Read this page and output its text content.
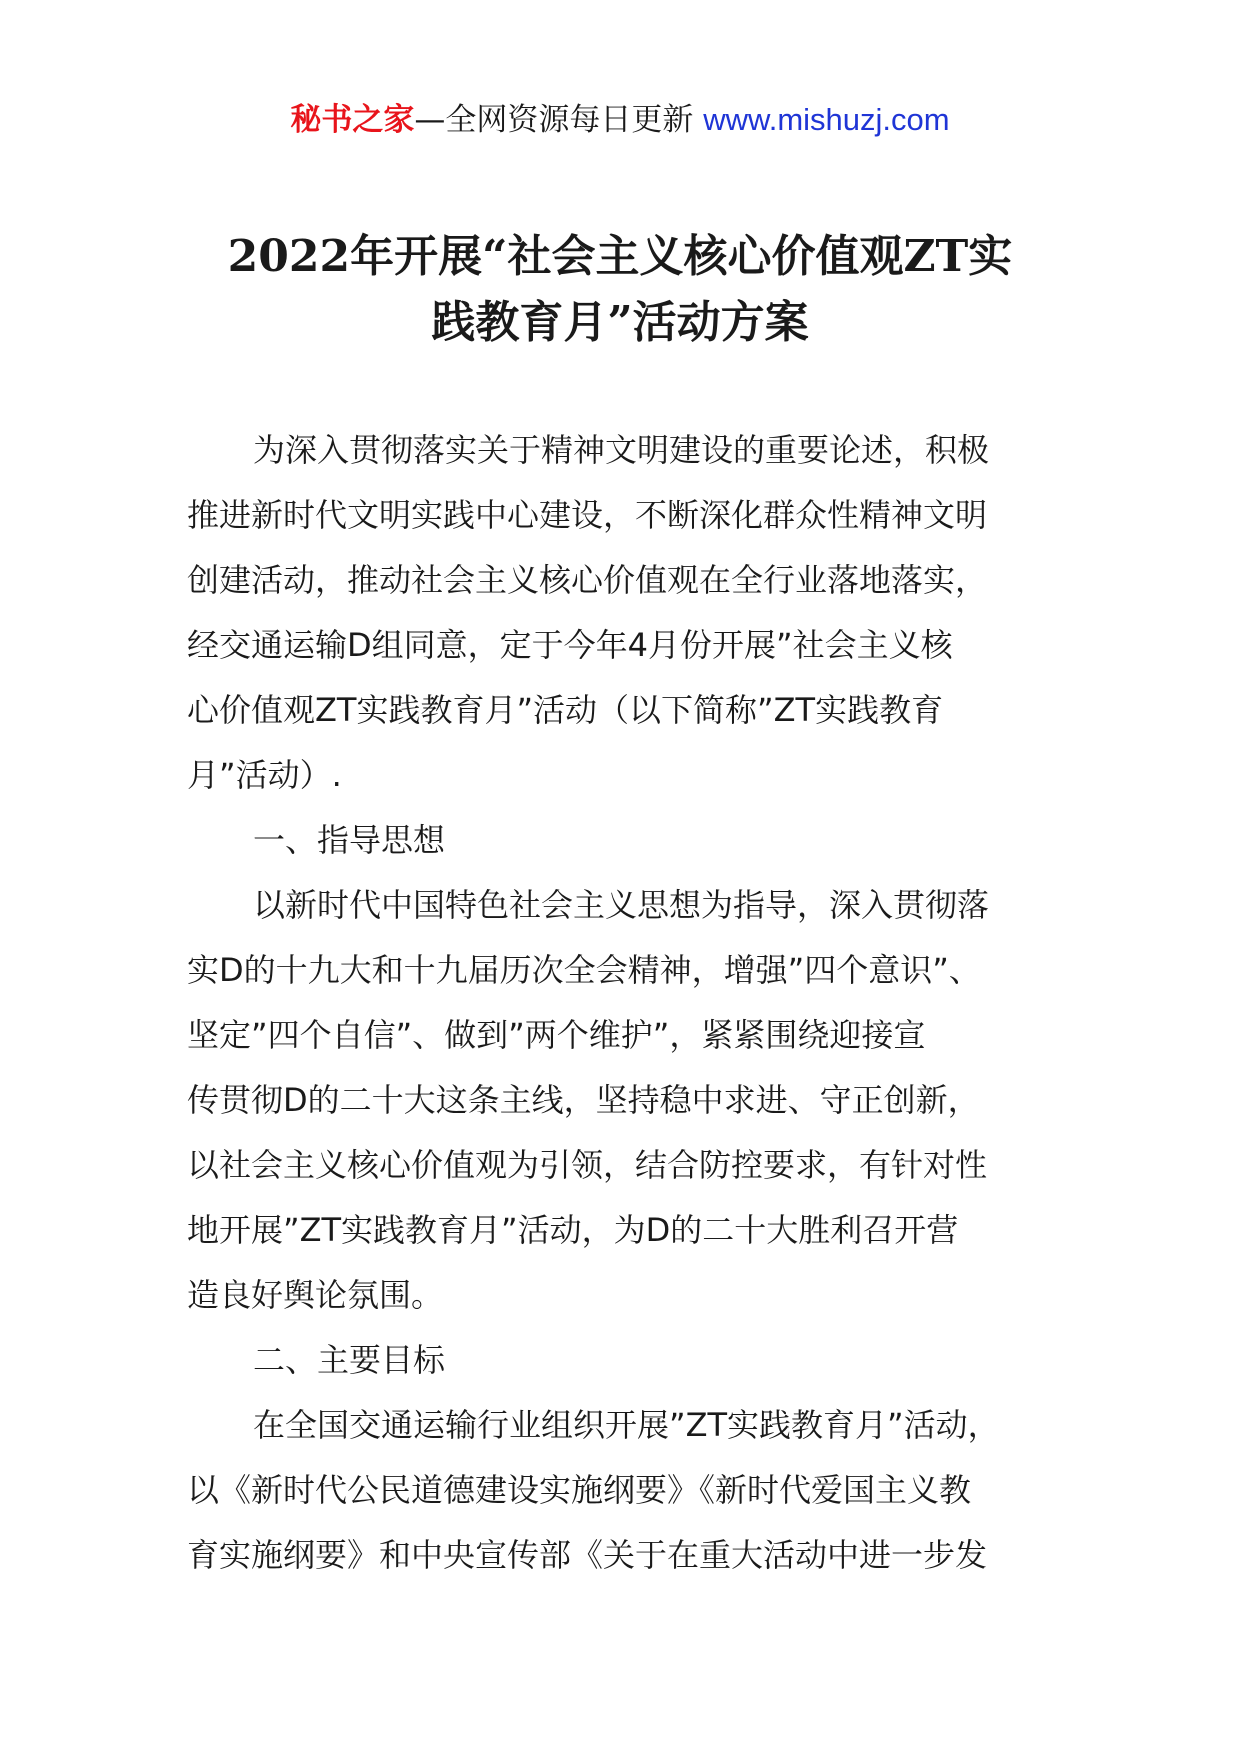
秘书之家—全网资源每日更新 www.mishuzj.com
2022年开展“社会主义核心价值观ZT实
践教育月”活动方案
为深入贯彻落实关于精神文明建设的重要论述，积极
推进新时代文明实践中心建设，不断深化群众性精神文明
创建活动，推动社会主义核心价值观在全行业落地落实，
经交通运输D组同意，定于今年4月份开展”社会主义核
心价值观ZT实践教育月”活动（以下简称”ZT实践教育
月”活动）.
一、指导思想
以新时代中国特色社会主义思想为指导，深入贯彻落
实D的十九大和十九届历次全会精神，增强”四个意识”、
坚定”四个自信”、做到”两个维护”，紧紧围绕迎接宣
传贯彻D的二十大这条主线，坚持稳中求进、守正创新，
以社会主义核心价值观为引领，结合防控要求，有针对性
地开展”ZT实践教育月”活动，为D的二十大胜利召开营
造良好舆论氛围。
二、主要目标
在全国交通运输行业组织开展”ZT实践教育月”活动，
以《新时代公民道德建设实施纲要》《新时代爱国主义教
育实施纲要》和中央宣传部《关于在重大活动中进一步发
